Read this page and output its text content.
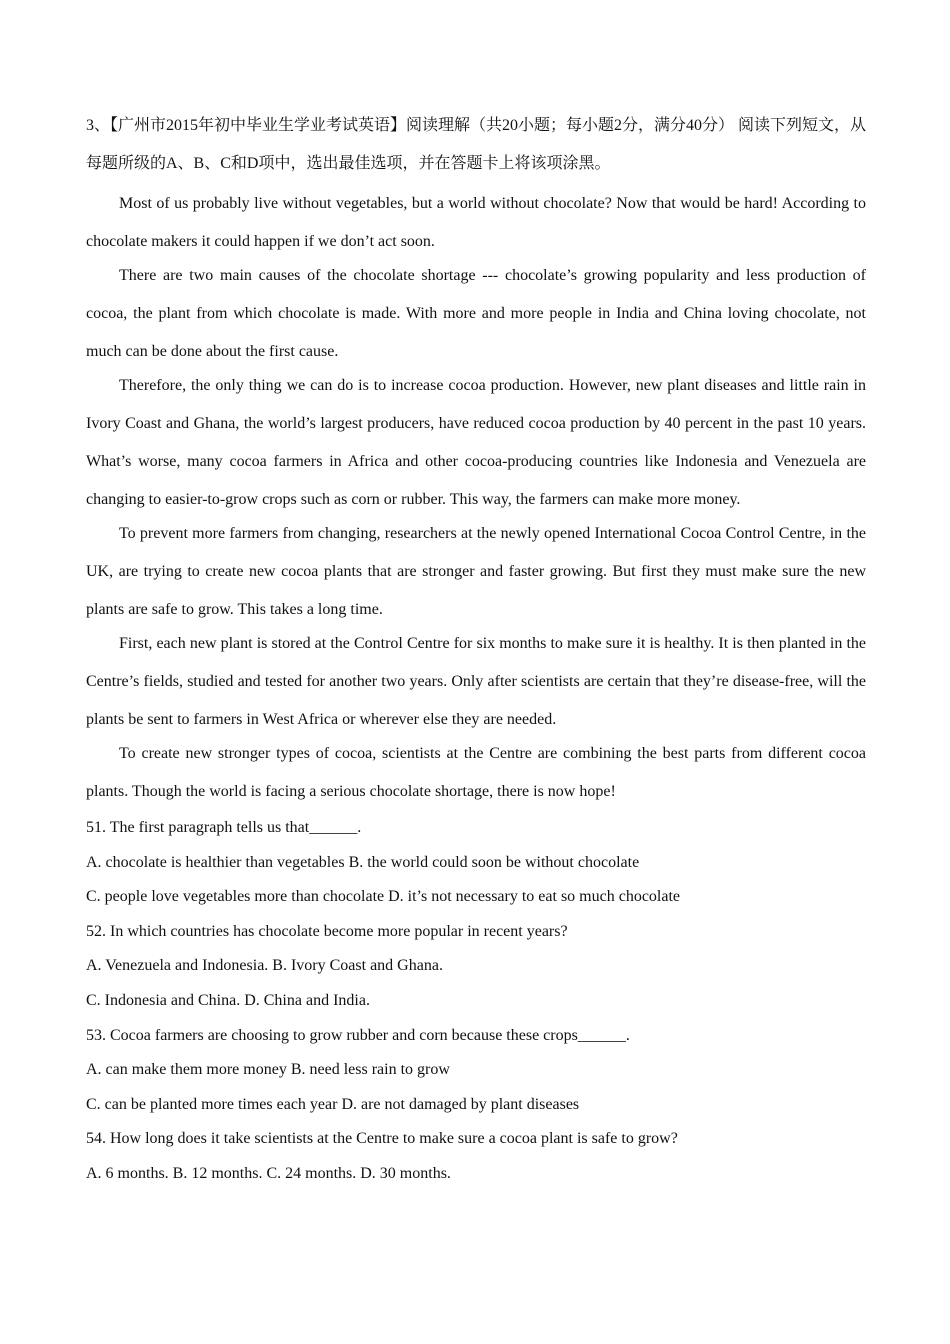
3、【广州市2015年初中毕业生学业考试英语】阅读理解（共20小题；每小题2分，满分40分） 阅读下列短文，从每题所级的A、B、C和D项中，选出最佳选项，并在答题卡上将该项涂黑。

Most of us probably live without vegetables, but a world without chocolate? Now that would be hard! According to chocolate makers it could happen if we don’t act soon.

There are two main causes of the chocolate shortage --- chocolate’s growing popularity and less production of cocoa, the plant from which chocolate is made. With more and more people in India and China loving chocolate, not much can be done about the first cause.

Therefore, the only thing we can do is to increase cocoa production. However, new plant diseases and little rain in Ivory Coast and Ghana, the world’s largest producers, have reduced cocoa production by 40 percent in the past 10 years. What’s worse, many cocoa farmers in Africa and other cocoa-producing countries like Indonesia and Venezuela are changing to easier-to-grow crops such as corn or rubber. This way, the farmers can make more money.

To prevent more farmers from changing, researchers at the newly opened International Cocoa Control Centre, in the UK, are trying to create new cocoa plants that are stronger and faster growing. But first they must make sure the new plants are safe to grow. This takes a long time.

First, each new plant is stored at the Control Centre for six months to make sure it is healthy. It is then planted in the Centre’s fields, studied and tested for another two years. Only after scientists are certain that they’re disease-free, will the plants be sent to farmers in West Africa or wherever else they are needed.

To create new stronger types of cocoa, scientists at the Centre are combining the best parts from different cocoa plants. Though the world is facing a serious chocolate shortage, there is now hope!

51. The first paragraph tells us that______.

A. chocolate is healthier than vegetables B. the world could soon be without chocolate

C. people love vegetables more than chocolate D. it’s not necessary to eat so much chocolate

52. In which countries has chocolate become more popular in recent years?

A. Venezuela and Indonesia. B. Ivory Coast and Ghana.

C. Indonesia and China. D. China and India.

53. Cocoa farmers are choosing to grow rubber and corn because these crops______.

A. can make them more money B. need less rain to grow

C. can be planted more times each year D. are not damaged by plant diseases

54. How long does it take scientists at the Centre to make sure a cocoa plant is safe to grow?

A. 6 months. B. 12 months. C. 24 months. D. 30 months.
